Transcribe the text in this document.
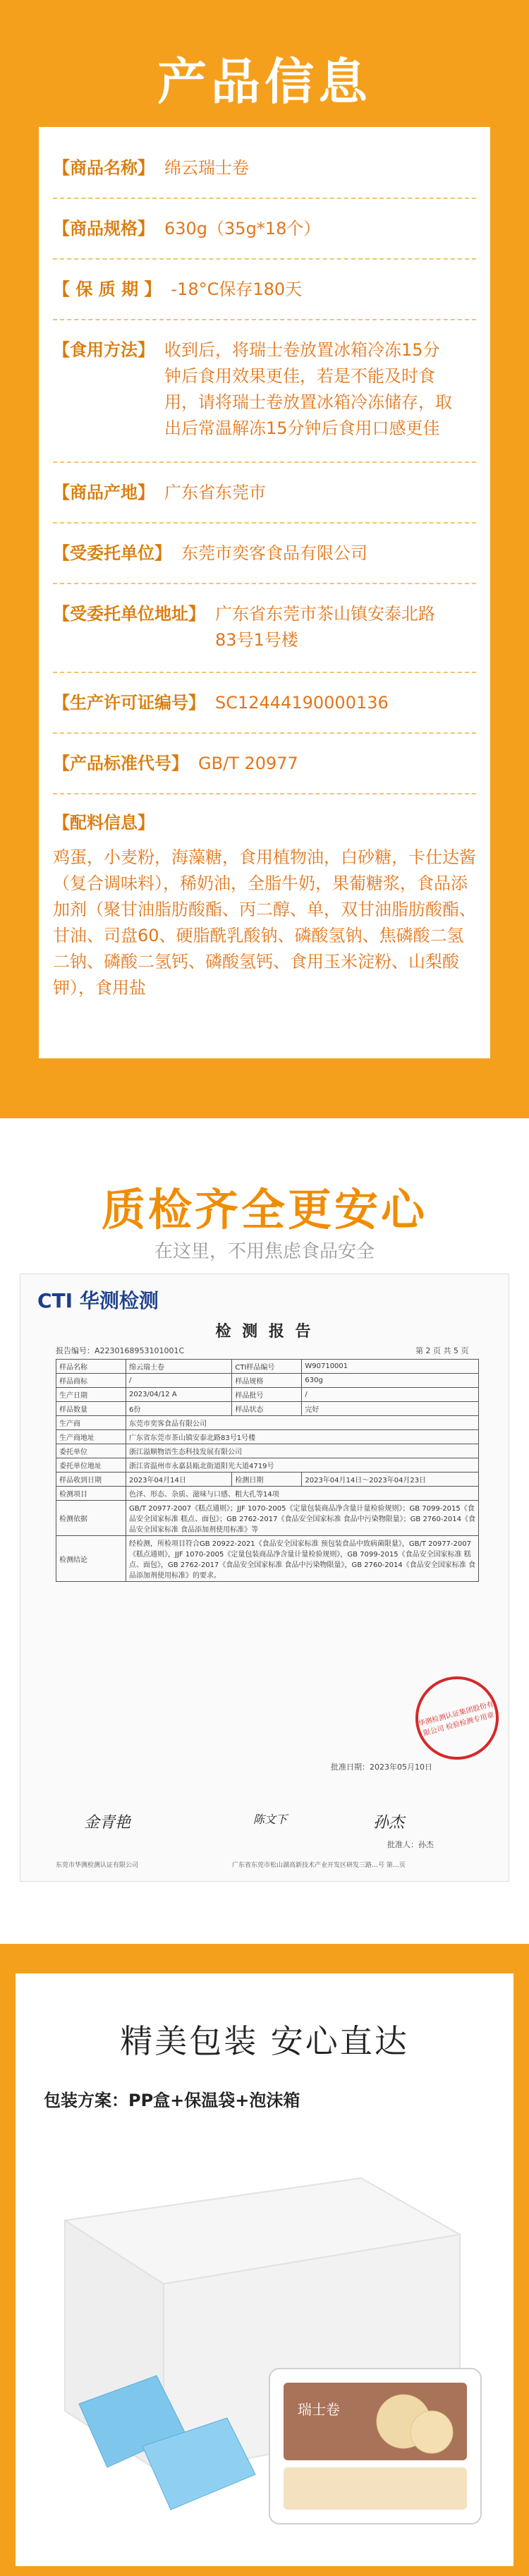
产品信息
【商品名称】 绵云瑞士卷
【商品规格】 630g（35g*18个）
【 保 质 期 】 -18°C保存180天
【食用方法】 收到后，将瑞士卷放置冰箱冷冻15分钟后食用效果更佳，若是不能及时食用，请将瑞士卷放置冰箱冷冻储存，取出后常温解冻15分钟后食用口感更佳
【商品产地】 广东省东莞市
【受委托单位】 东莞市奕客食品有限公司
【受委托单位地址】 广东省东莞市茶山镇安泰北路83号1号楼
【生产许可证编号】 SC12444190000136
【产品标准代号】 GB/T 20977
【配料信息】
鸡蛋，小麦粉，海藻糖，食用植物油，白砂糖，卡仕达酱（复合调味料），稀奶油，全脂牛奶，果葡糖浆，食品添加剂（聚甘油脂肪酸酯、丙二醇、单，双甘油脂肪酸酯、甘油、司盘60、硬脂酰乳酸钠、磷酸氢钠、焦磷酸二氢二钠、磷酸二氢钙、磷酸氢钙、食用玉米淀粉、山梨酸钾），食用盐
质检齐全更安心
在这里，不用焦虑食品安全
CTI 华测检测
检 测 报 告
报告编号：A2230168953101001C	第 2 页 共 5 页
样品名称	绵云瑞士卷	CTI样品编号	W90710001
样品商标	/	样品规格	630g
生产日期	2023/04/12 A	样品批号	/
样品数量	6份	样品状态	完好
生产商	东莞市奕客食品有限公司		
生产商地址	广东省东莞市茶山镇安泰北路83号1号楼		
委托单位	浙江溢顺物语生态科技发展有限公司		
委托单位地址	浙江省温州市永嘉县瓯北街道阳光大道4719号		
样品收到日期	2023年04月14日	检测日期	2023年04月14日～2023年04月23日
检测项目	色泽、形态、杂质、滋味与口感、粗大孔等14项		
检测依据	GB/T 20977-2007《糕点通则》；JJF 1070-2005《定量包装商品净含量计量检验规则》；GB 7099-2015《食品安全国家标准 糕点、面包》；GB 2762-2017《食品安全国家标准 食品中污染物限量》；GB 2760-2014《食品安全国家标准 食品添加剂使用标准》等		
检测结论	经检测，所检项目符合GB 20922-2021《食品安全国家标准 预包装食品中致病菌限量》，GB/T 20977-2007《糕点通则》，JJF 1070-2005《定量包装商品净含量计量检验规则》，GB 7099-2015《食品安全国家标准 糕点、面包》，GB 2762-2017《食品安全国家标准 食品中污染物限量》，GB 2760-2014《食品安全国家标准 食品添加剂使用标准》的要求。		
华测检测认证集团股份有限公司 检验检测专用章
批准日期：2023年05月10日
金青艳	陈文下	孙杰
批准人：孙杰
东莞市华测检测认证有限公司	广东省东莞市松山湖高新技术产业开发区研发三路…号 第…页
精美包装 安心直达
包装方案：PP盒+保温袋+泡沫箱
瑞士卷
